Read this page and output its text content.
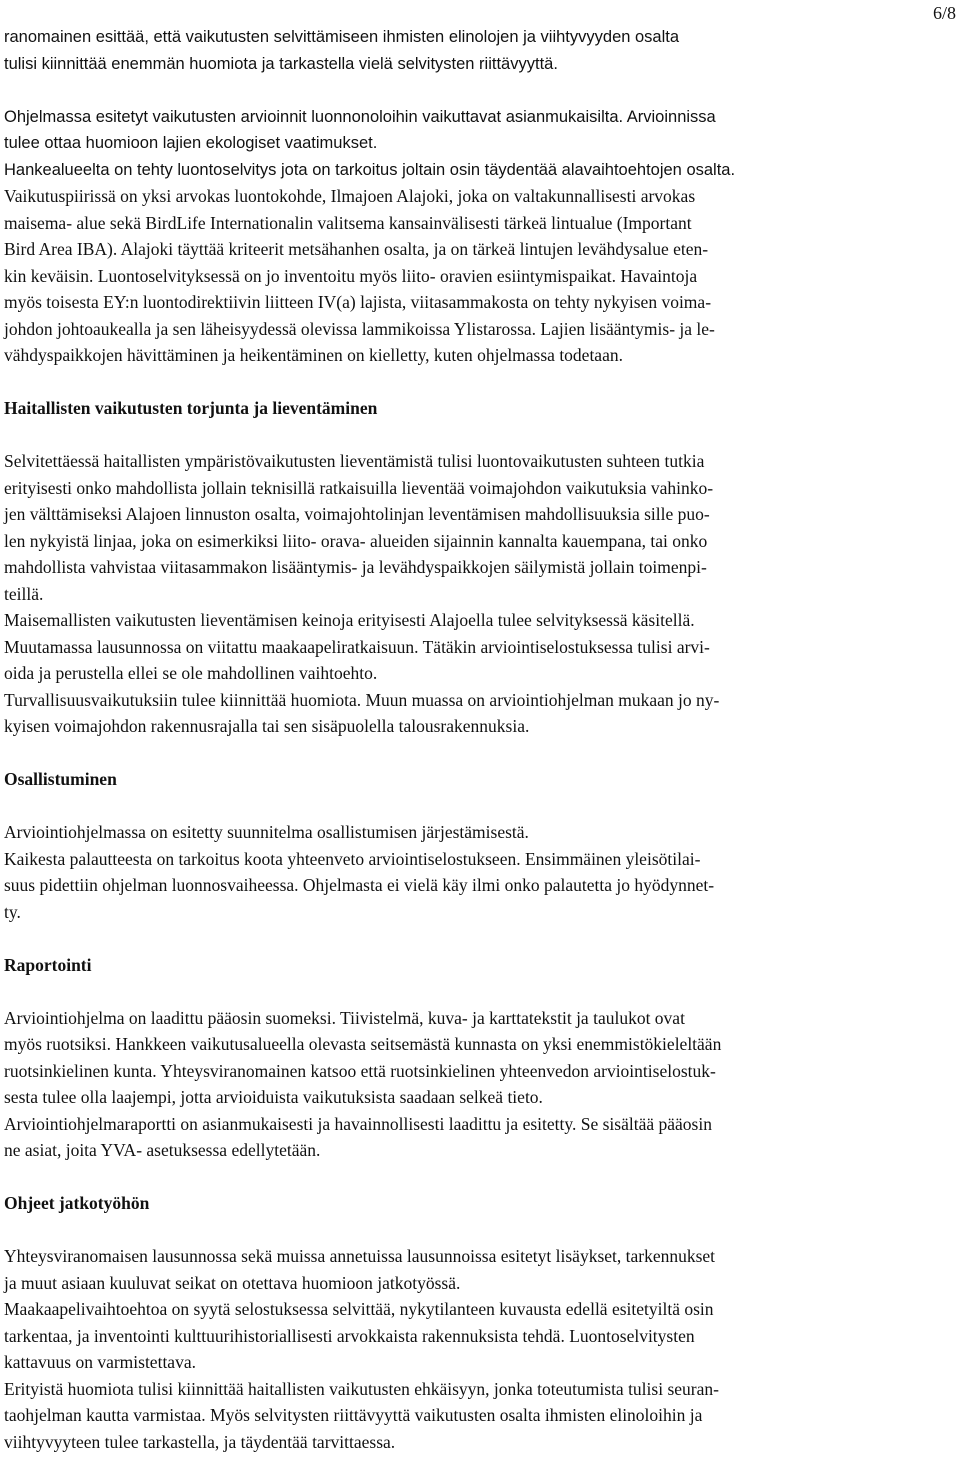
6/8
ranomainen esittää, että vaikutusten selvittämiseen ihmisten elinolojen ja viihtyvyyden osalta
tulisi kiinnittää enemmän huomiota ja tarkastella vielä selvitysten riittävyyttä.
Ohjelmassa esitetyt vaikutusten arvioinnit luonnonoloihin vaikuttavat asianmukaisilta. Arvioinnissa
tulee ottaa huomioon lajien ekologiset vaatimukset.
Hankealueelta on tehty luontoselvitys jota on tarkoitus joltain osin täydentää alavaihtoehtojen osalta.
Vaikutuspiirissä on yksi arvokas luontokohde, Ilmajoen Alajoki, joka on valtakunnallisesti arvokas
maisema- alue sekä BirdLife Internationalin valitsema kansainvälisesti tärkeä lintualue (Important
Bird Area IBA). Alajoki täyttää kriteerit metsähanhen osalta, ja on tärkeä lintujen levähdysalue eten-
kin keväisin. Luontoselvityksessä on jo inventoitu myös liito- oravien esiintymispaikat. Havaintoja
myös toisesta EY:n luontodirektiivin liitteen IV(a) lajista, viitasammakosta on tehty nykyisen voima-
johdon johtoaukealla ja sen läheisyydessä olevissa lammikoissa Ylistarossa. Lajien lisääntymis- ja le-
vähdyspaikkojen hävittäminen ja heikentäminen on kielletty, kuten ohjelmassa todetaan.
Haitallisten vaikutusten torjunta ja lieventäminen
Selvitettäessä haitallisten ympäristövaikutusten lieventämistä tulisi luontovaikutusten suhteen tutkia
erityisesti onko mahdollista jollain teknisillä ratkaisuilla lieventää voimajohdon vaikutuksia vahinko-
jen välttämiseksi Alajoen linnuston osalta, voimajohtolinjan leventämisen mahdollisuuksia sille puo-
len nykyistä linjaa, joka on esimerkiksi liito- orava- alueiden sijainnin kannalta kauempana, tai onko
mahdollista vahvistaa viitasammakon lisääntymis- ja levähdyspaikkojen säilymistä jollain toimenpi-
teillä.
Maisemallisten vaikutusten lieventämisen keinoja erityisesti Alajoella tulee selvityksessä käsitellä.
Muutamassa lausunnossa on viitattu maakaapeliratkaisuun. Tätäkin arviointiselostuksessa tulisi arvi-
oida ja perustella ellei se ole mahdollinen vaihtoehto.
Turvallisuusvaikutuksiin tulee kiinnittää huomiota. Muun muassa on arviointiohjelman mukaan jo ny-
kyisen voimajohdon rakennusrajalla tai sen sisäpuolella talousrakennuksia.
Osallistuminen
Arviointiohjelmassa on esitetty suunnitelma osallistumisen järjestämisestä.
Kaikesta palautteesta on tarkoitus koota yhteenveto arviointiselostukseen. Ensimmäinen yleisötilai-
suus pidettiin ohjelman luonnosvaiheessa. Ohjelmasta ei vielä käy ilmi onko palautetta jo hyödynnet-
ty.
Raportointi
Arviointiohjelma on laadittu pääosin suomeksi. Tiivistelmä, kuva- ja karttatekstit ja taulukot ovat
myös ruotsiksi. Hankkeen vaikutusalueella olevasta seitsemästä kunnasta on yksi enemmistökieleltään
ruotsinkielinen kunta. Yhteysviranomainen katsoo että ruotsinkielinen yhteenvedon arviointiselostuk-
sesta tulee olla laajempi, jotta arvioiduista vaikutuksista saadaan selkeä tieto.
Arviointiohjelmaraportti on asianmukaisesti ja havainnollisesti laadittu ja esitetty. Se sisältää pääosin
ne asiat, joita YVA- asetuksessa edellytetään.
Ohjeet jatkotyöhön
Yhteysviranomaisen lausunnossa sekä muissa annetuissa lausunnoissa esitetyt lisäykset, tarkennukset
ja muut asiaan kuuluvat seikat on otettava huomioon jatkotyössä.
Maakaapelivaihtoehtoa on syytä selostuksessa selvittää, nykytilanteen kuvausta edellä esitetyiltä osin
tarkentaa, ja inventointi kulttuurihistoriallisesti arvokkaista rakennuksista tehdä. Luontoselvitysten
kattavuus on varmistettava.
Erityistä huomiota tulisi kiinnittää haitallisten vaikutusten ehkäisyyn, jonka toteutumista tulisi seuran-
taohjelman kautta varmistaa. Myös selvitysten riittävyyttä vaikutusten osalta ihmisten elinoloihin ja
viihtyvyyteen tulee tarkastella, ja täydentää tarvittaessa.
